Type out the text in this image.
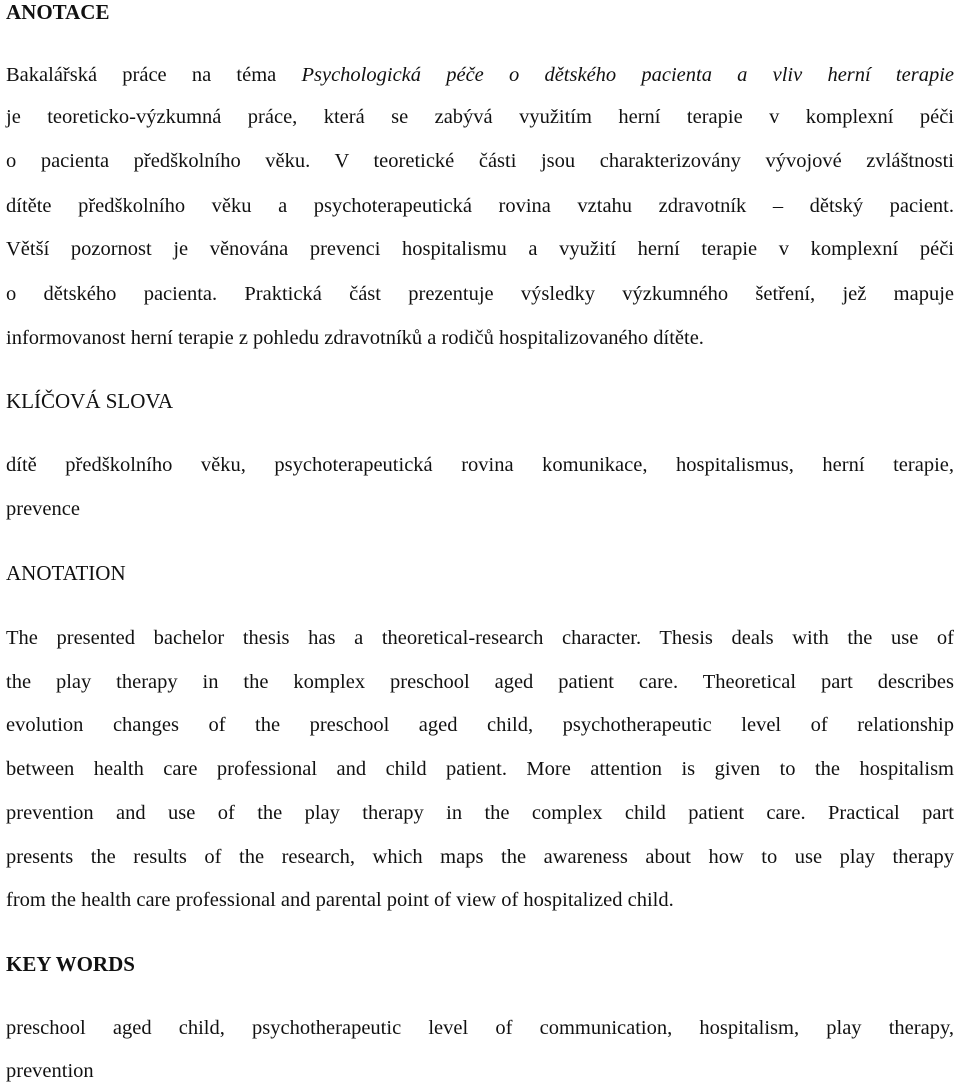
ANOTACE
Bakalářská práce na téma Psychologická péče o dětského pacienta a vliv herní terapie
je teoreticko-výzkumná práce, která se zabývá využitím herní terapie v komplexní péči
o pacienta předškolního věku. V teoretické části jsou charakterizovány vývojové zvláštnosti
dítěte předškolního věku a psychoterapeutická rovina vztahu zdravotník – dětský pacient.
Větší pozornost je věnována prevenci hospitalismu a využití herní terapie v komplexní péči
o dětského pacienta. Praktická část prezentuje výsledky výzkumného šetření, jež mapuje
informovanost herní terapie z pohledu zdravotníků a rodičů hospitalizovaného dítěte.
KLÍČOVÁ SLOVA
dítě předškolního věku, psychoterapeutická rovina komunikace, hospitalismus, herní terapie,
prevence
ANOTATION
The presented bachelor thesis has a theoretical-research character. Thesis deals with the use of
the play therapy in the komplex preschool aged patient care. Theoretical part describes
evolution changes of the preschool aged child, psychotherapeutic level of relationship
between health care professional and child patient. More attention is given to the hospitalism
prevention and use of the play therapy in the complex child patient care. Practical part
presents the results of the research, which maps the awareness about how to use play therapy
from the health care professional and parental point of view of hospitalized child.
KEY WORDS
preschool aged child, psychotherapeutic level of communication, hospitalism, play therapy,
prevention
